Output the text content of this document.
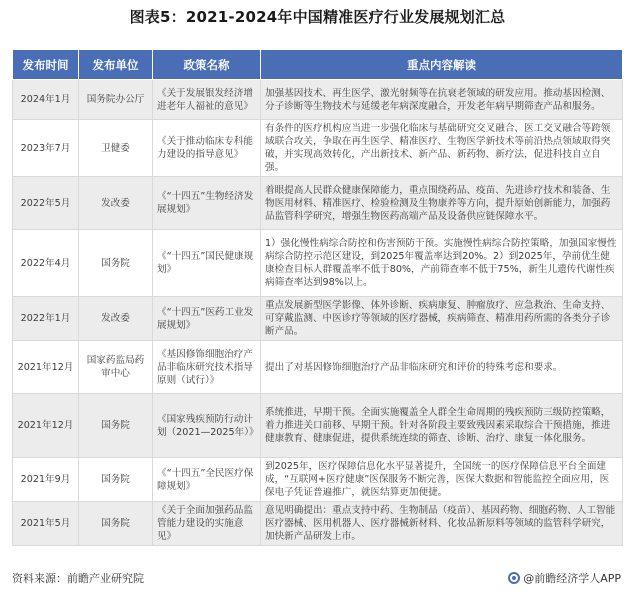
图表5：2021-2024年中国精准医疗行业发展规划汇总
发布时间	发布单位	政策名称	重点内容解读
2024年1月	国务院办公厅	《关于发展银发经济增进老年人福祉的意见》	加强基因技术、再生医学、激光射频等在抗衰老领域的研发应用。推动基因检测、分子诊断等生物技术与延缓老年病深度融合，开发老年病早期筛查产品和服务。
2023年7月	卫健委	《关于推动临床专科能力建设的指导意见》	有条件的医疗机构应当进一步强化临床与基础研究交叉融合、医工交叉融合等跨领域联合攻关，争取在再生医学、精准医疗、生物医学新技术等前沿热点领域取得突破，并实现高效转化，产出新技术、新产品、新药物、新疗法，促进科技自立自强。
2022年5月	发改委	《“十四五”生物经济发展规划》	着眼提高人民群众健康保障能力，重点围绕药品、疫苗、先进诊疗技术和装备、生物医用材料、精准医疗、检验检测及生物康养等方向，提升原始创新能力，加强药品监管科学研究，增强生物医药高端产品及设备供应链保障水平。
2022年4月	国务院	《“十四五”国民健康规划》	1）强化慢性病综合防控和伤害预防干预。实施慢性病综合防控策略，加强国家慢性病综合防控示范区建设，到2025年覆盖率达到20%。2）到2025年，孕前优生健康检查目标人群覆盖率不低于80%，产前筛查率不低于75%，新生儿遗传代谢性疾病筛查率达到98%以上。
2022年1月	发改委	《“十四五”医药工业发展规划》	重点发展新型医学影像、体外诊断、疾病康复、肿瘤放疗、应急救治、生命支持、可穿戴监测、中医诊疗等领域的医疗器械，疾病筛查、精准用药所需的各类分子诊断产品。
2021年12月	国家药监局药审中心	《基因修饰细胞治疗产品非临床研究技术指导原则（试行）》	提出了对基因修饰细胞治疗产品非临床研究和评价的特殊考虑和要求。
2021年12月	国务院	《国家残疾预防行动计划（2021—2025年）》	系统推进，早期干预。全面实施覆盖全人群全生命周期的残疾预防三级防控策略，着力推进关口前移、早期干预。针对各阶段主要致残因素采取综合干预措施，推进健康教育、健康促进，提供系统连续的筛查、诊断、治疗、康复一体化服务。
2021年9月	国务院	《“十四五”全民医疗保障规划》	到2025年，医疗保障信息化水平显著提升，全国统一的医疗保障信息平台全面建成，“互联网+医疗健康”医保服务不断完善，医保大数据和智能监控全面应用，医保电子凭证普遍推广，就医结算更加便捷。
2021年5月	国务院	《关于全面加强药品监管能力建设的实施意见》	意见明确提出：重点支持中药、生物制品（疫苗）、基因药物、细胞药物、人工智能医疗器械、医用机器人、医疗器械新材料、化妆品新原料等领域的监管科学研究，加快新产品研发上市。
资料来源：前瞻产业研究院	@前瞻经济学人APP
